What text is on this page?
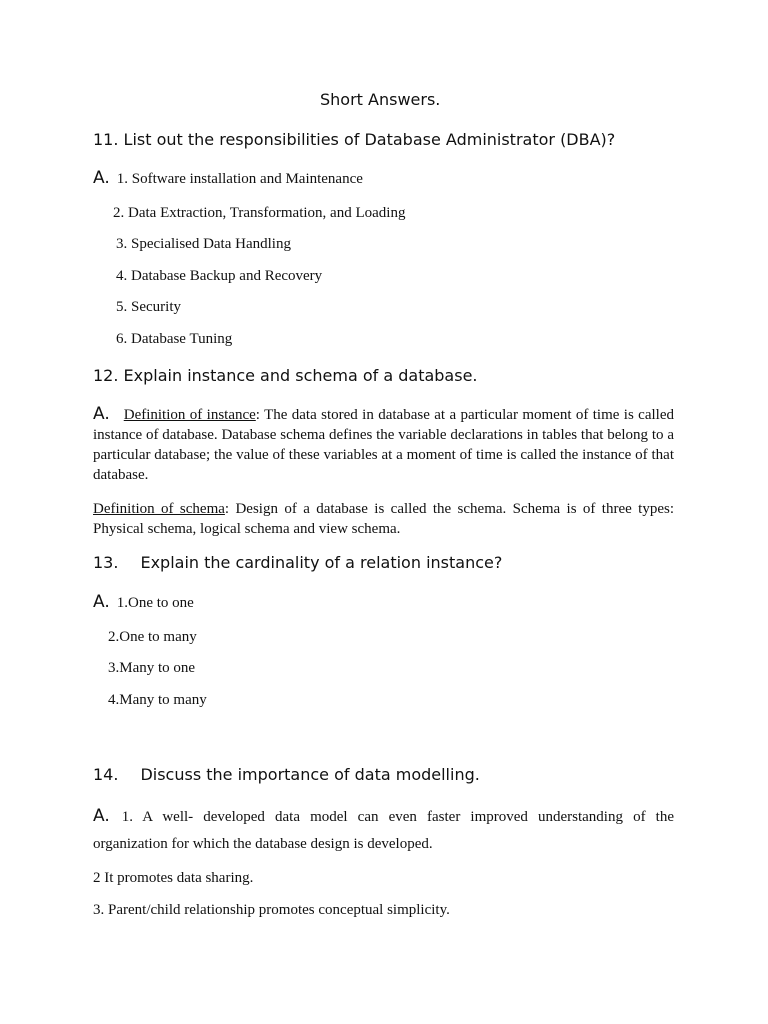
Short Answers.
11. List out the responsibilities of Database Administrator (DBA)?
A. 1. Software installation and Maintenance
2. Data Extraction, Transformation, and Loading
3. Specialised Data Handling
4. Database Backup and Recovery
5. Security
6. Database Tuning
12. Explain instance and schema of a database.
A. Definition of instance: The data stored in database at a particular moment of time is called instance of database. Database schema defines the variable declarations in tables that belong to a particular database; the value of these variables at a moment of time is called the instance of that database.
Definition of schema: Design of a database is called the schema. Schema is of three types: Physical schema, logical schema and view schema.
13. Explain the cardinality of a relation instance?
A. 1.One to one
2.One to many
3.Many to one
4.Many to many
14. Discuss the importance of data modelling.
A. 1. A well- developed data model can even faster improved understanding of the organization for which the database design is developed.
2 It promotes data sharing.
3. Parent/child relationship promotes conceptual simplicity.
